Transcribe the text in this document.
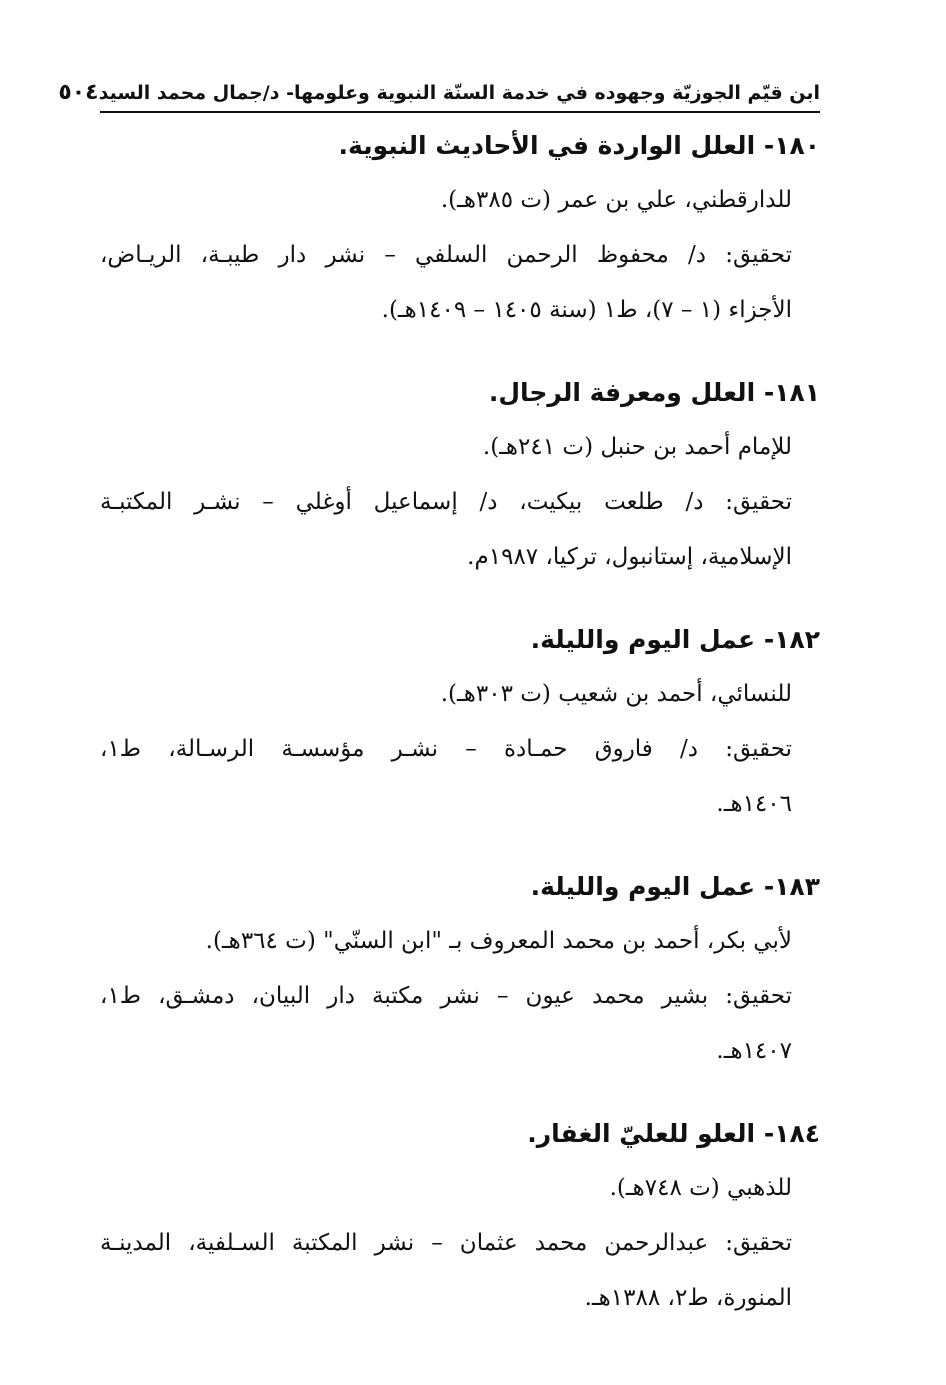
ابن قيّم الجوزيّة وجهوده في خدمة السنّة النبوية وعلومها- د/جمال محمد السيد
٥٠٤
١٨٠- العلل الواردة في الأحاديث النبوية.
للدارقطني، علي بن عمر (ت ٣٨٥هـ).
تحقيق: د/ محفوظ الرحمن السلفي – نشر دار طيبـة، الريـاض،
الأجزاء (١ – ٧)، ط١ (سنة ١٤٠٥ – ١٤٠٩هـ).
١٨١- العلل ومعرفة الرجال.
للإمام أحمد بن حنبل (ت ٢٤١هـ).
تحقيق: د/ طلعت بيكيت، د/ إسماعيل أوغلي – نشـر المكتبـة
الإسلامية، إستانبول، تركيا، ١٩٨٧م.
١٨٢- عمل اليوم والليلة.
للنسائي، أحمد بن شعيب (ت ٣٠٣هـ).
تحقيق: د/ فاروق حمـادة – نشـر مؤسسـة الرسـالة، ط١،
١٤٠٦هـ.
١٨٣- عمل اليوم والليلة.
لأبي بكر، أحمد بن محمد المعروف بـ "ابن السنّي" (ت ٣٦٤هـ).
تحقيق: بشير محمد عيون – نشر مكتبة دار البيان، دمشـق، ط١،
١٤٠٧هـ.
١٨٤- العلو للعليّ الغفار.
للذهبي (ت ٧٤٨هـ).
تحقيق: عبدالرحمن محمد عثمان – نشر المكتبة السـلفية، المدينـة
المنورة، ط٢، ١٣٨٨هـ.
